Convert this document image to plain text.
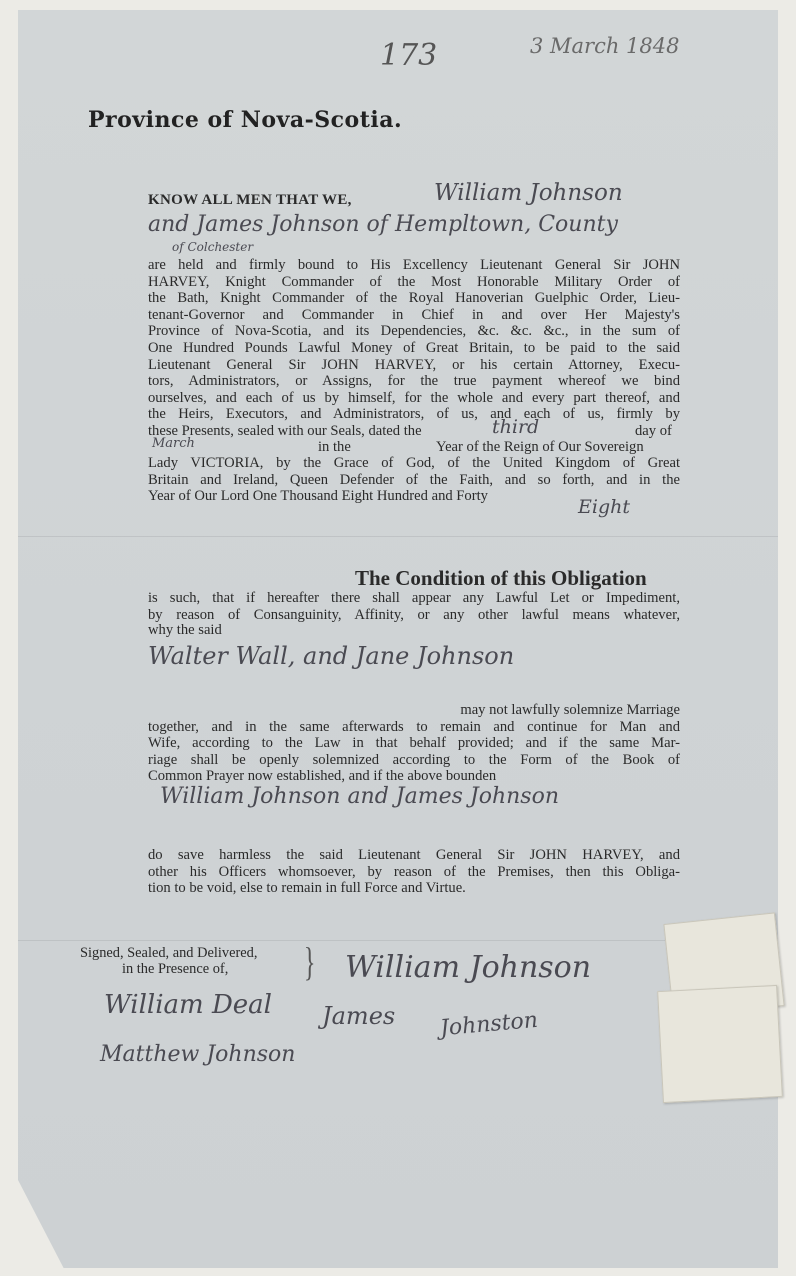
173	3 March 1848
Province of Nova-Scotia.
KNOW ALL MEN THAT WE,	William Johnson
and James Johnson of Hempltown, County
of Colchester
are held and firmly bound to His Excellency Lieutenant General Sir JOHN
HARVEY, Knight Commander of the Most Honorable Military Order of
the Bath, Knight Commander of the Royal Hanoverian Guelphic Order, Lieu-
tenant-Governor and Commander in Chief in and over Her Majesty's
Province of Nova-Scotia, and its Dependencies, &c. &c. &c., in the sum of
One Hundred Pounds Lawful Money of Great Britain, to be paid to the said
Lieutenant General Sir JOHN HARVEY, or his certain Attorney, Execu-
tors, Administrators, or Assigns, for the true payment whereof we bind
ourselves, and each of us by himself, for the whole and every part thereof, and
the Heirs, Executors, and Administrators, of us, and each of us, firmly by
these Presents, sealed with our Seals, dated the	third	day of
March	in the	Year of the Reign of Our Sovereign
Lady VICTORIA, by the Grace of God, of the United Kingdom of Great
Britain and Ireland, Queen Defender of the Faith, and so forth, and in the
Year of Our Lord One Thousand Eight Hundred and Forty	Eight
The Condition of this Obligation
is such, that if hereafter there shall appear any Lawful Let or Impediment,
by reason of Consanguinity, Affinity, or any other lawful means whatever,
why the said
Walter Wall, and Jane Johnson
may not lawfully solemnize Marriage
together, and in the same afterwards to remain and continue for Man and
Wife, according to the Law in that behalf provided; and if the same Mar-
riage shall be openly solemnized according to the Form of the Book of
Common Prayer now established, and if the above bounden
William Johnson and James Johnson
do save harmless the said Lieutenant General Sir JOHN HARVEY, and
other his Officers whomsoever, by reason of the Premises, then this Obliga-
tion to be void, else to remain in full Force and Virtue.
Signed, Sealed, and Delivered,
in the Presence of, } William Johnson
William Deal James Johnston
Matthew Johnson
